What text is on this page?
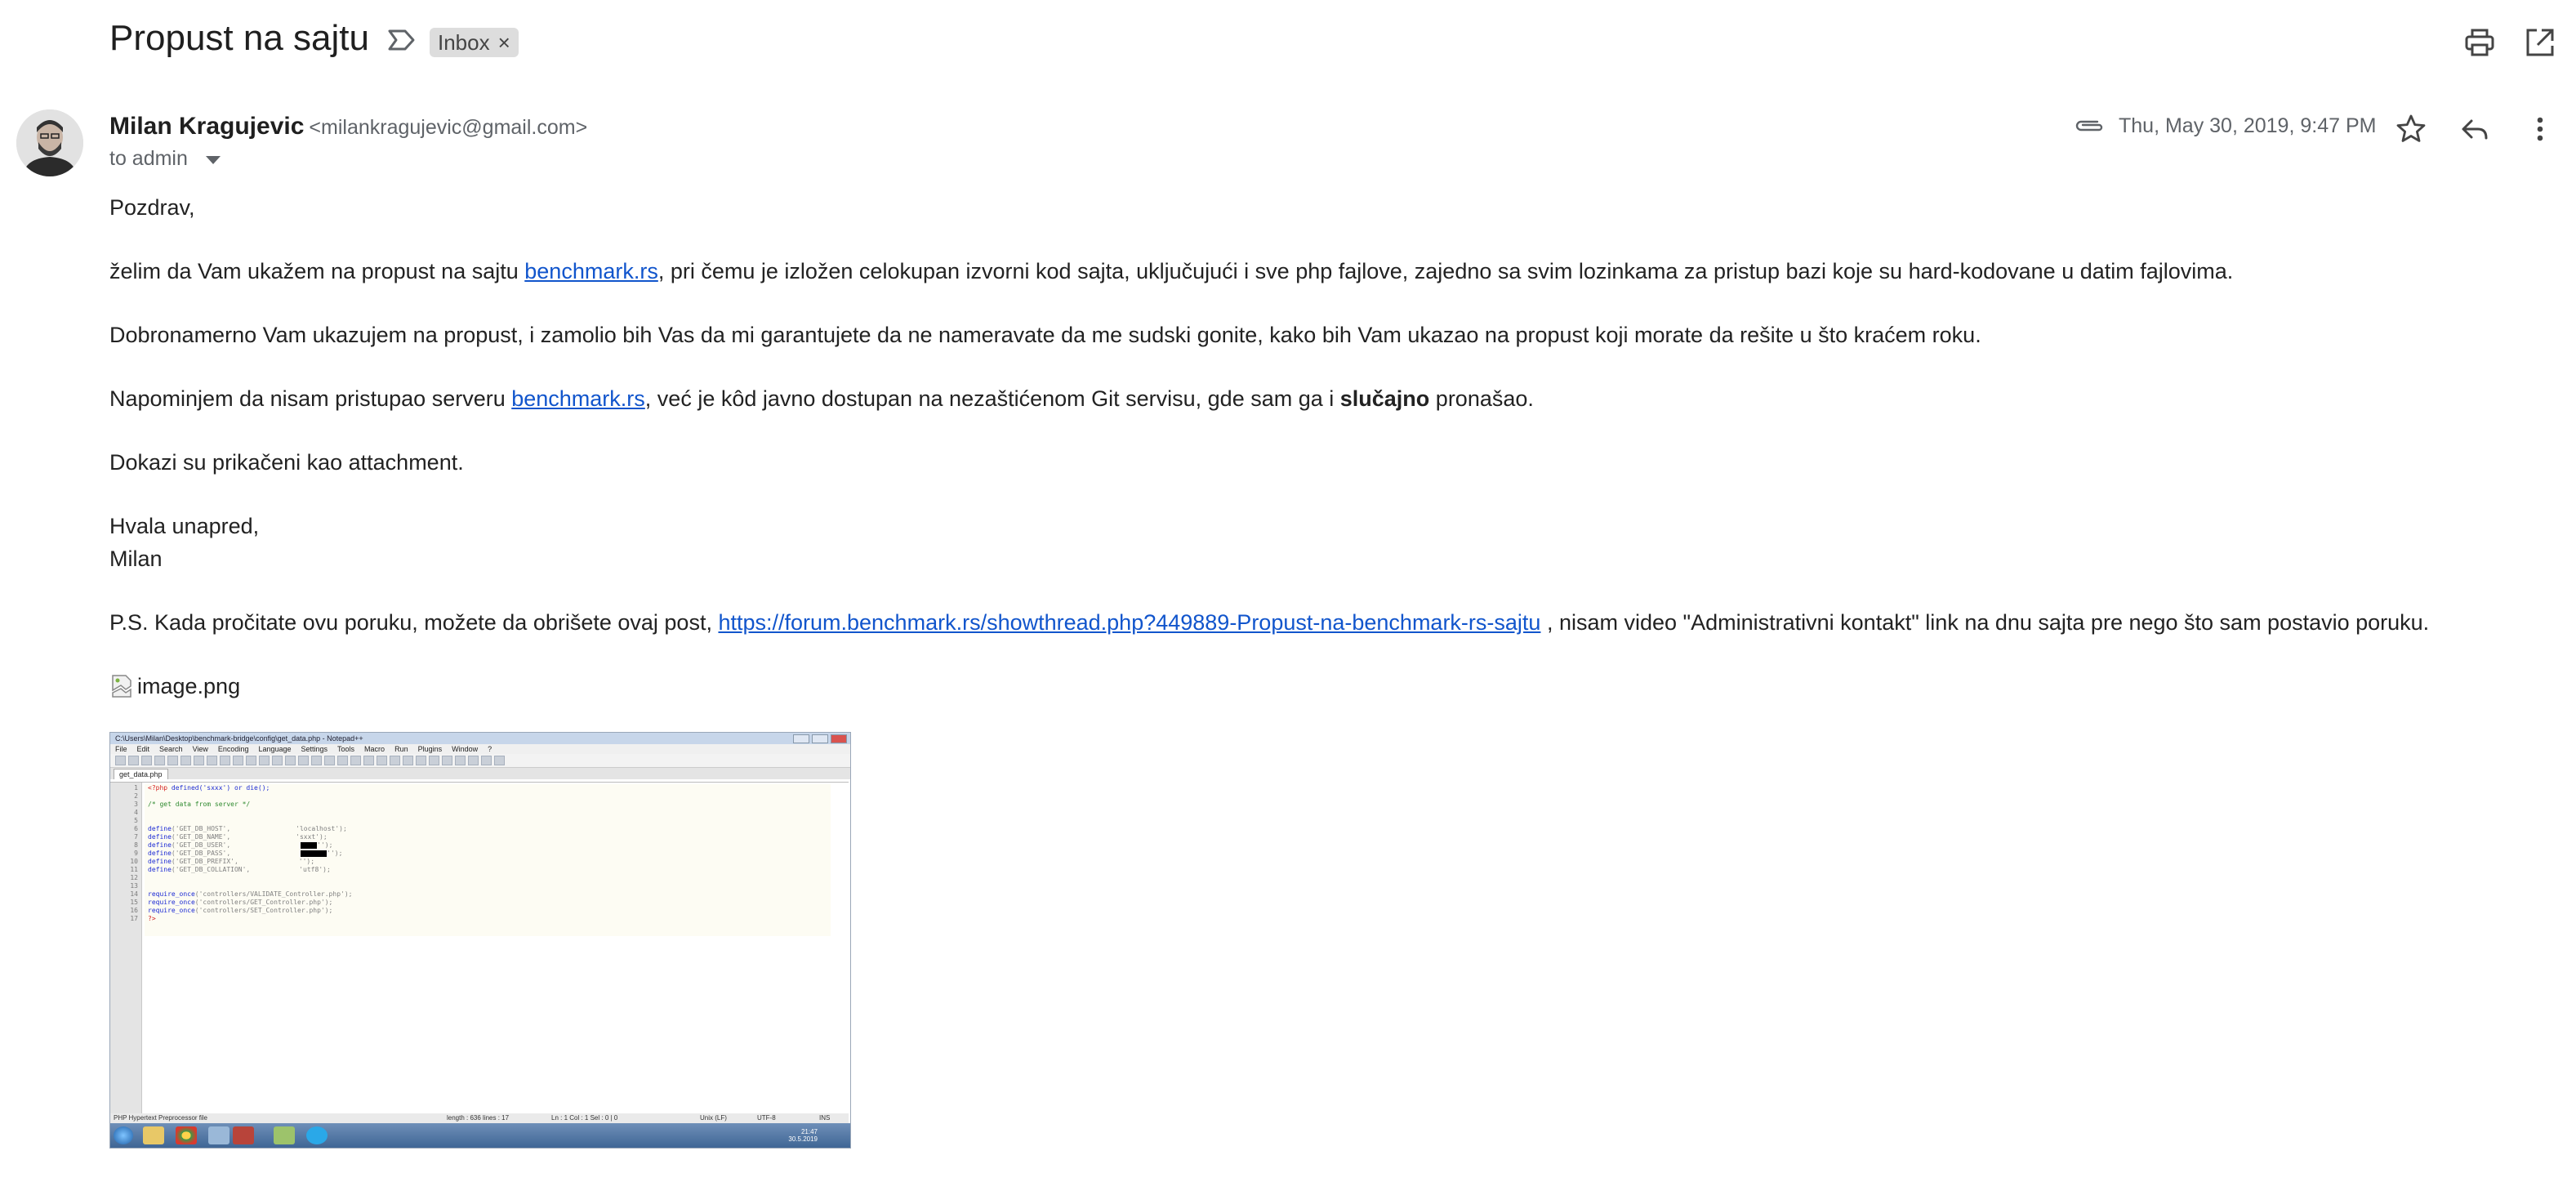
Propust na sajtu	Inbox ×
Milan Kragujevic <milankragujevic@gmail.com>
to admin
Thu, May 30, 2019, 9:47 PM

Pozdrav,

želim da Vam ukažem na propust na sajtu benchmark.rs, pri čemu je izložen celokupan izvorni kod sajta, uključujući i sve php fajlove, zajedno sa svim lozinkama za pristup bazi koje su hard-kodovane u datim fajlovima.

Dobronamerno Vam ukazujem na propust, i zamolio bih Vas da mi garantujete da ne nameravate da me sudski gonite, kako bih Vam ukazao na propust koji morate da rešite u što kraćem roku.

Napominjem da nisam pristupao serveru benchmark.rs, već je kôd javno dostupan na nezaštićenom Git servisu, gde sam ga i slučajno pronašao.

Dokazi su prikačeni kao attachment.

Hvala unapred,

Milan

P.S. Kada pročitate ovu poruku, možete da obrišete ovaj post, https://forum.benchmark.rs/showthread.php?449889-Propust-na-benchmark-rs-sajtu , nisam video "Administrativni kontakt" link na dnu sajta pre nego što sam postavio poruku.

image.png

C:\Users\Milan\Desktop\benchmark-bridge\config\get_data.php - Notepad++
File Edit Search View Encoding Language Settings Tools Macro Run Plugins Window ?
get_data.php
1
2
3
4
5
6
7
8
9
10
11
12
13
14
15
16
17
<?php defined('sxxx') or die();
/* get data from server */
define('GET_DB_HOST',	'localhost');
define('GET_DB_NAME',	'sxxt');
define('GET_DB_USER',	'');
define('GET_DB_PASS',	'');
define('GET_DB_PREFIX',	'');
define('GET_DB_COLLATION',	'utf8');
require_once('controllers/VALIDATE_Controller.php');
require_once('controllers/GET_Controller.php');
require_once('controllers/SET_Controller.php');
?>
PHP Hypertext Preprocessor file	length : 636 lines : 17	Ln : 1 Col : 1 Sel : 0 | 0	Unix (LF)	UTF-8	INS
21:47
30.5.2019
